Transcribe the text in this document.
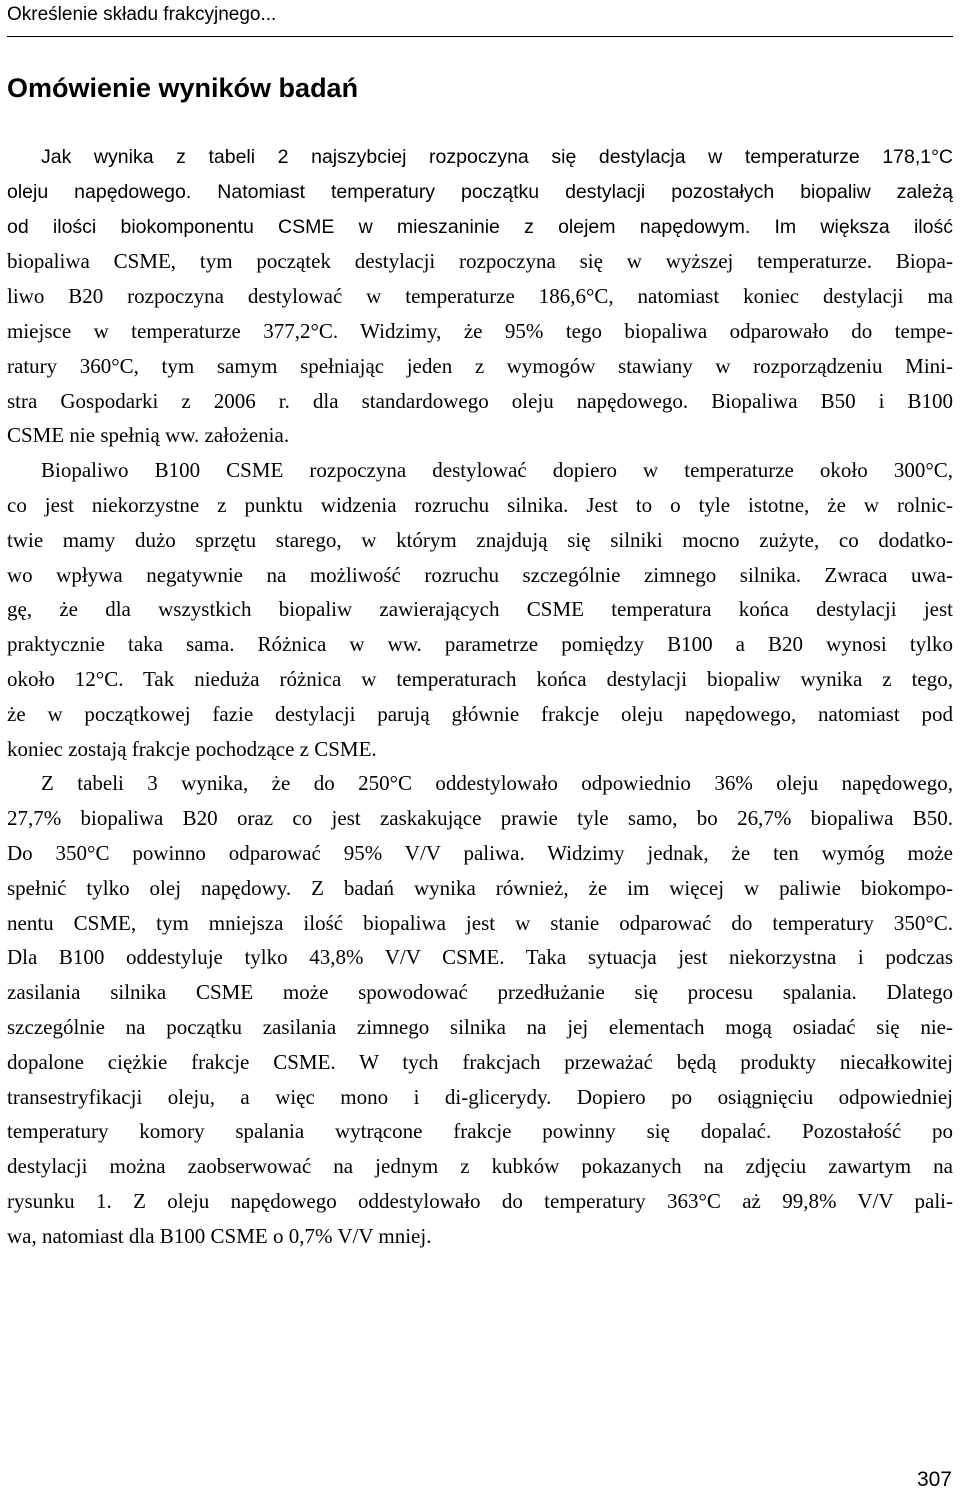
Określenie składu frakcyjnego...
Omówienie wyników badań
Jak wynika z tabeli 2 najszybciej rozpoczyna się destylacja w temperaturze 178,1°C
oleju napędowego. Natomiast temperatury początku destylacji pozostałych biopaliw zależą
od ilości biokomponentu CSME w mieszaninie z olejem napędowym. Im większa ilość
biopaliwa CSME, tym początek destylacji rozpoczyna się w wyższej temperaturze. Biopa-
liwo B20 rozpoczyna destylować w temperaturze 186,6°C, natomiast koniec destylacji ma
miejsce w temperaturze 377,2°C. Widzimy, że 95% tego biopaliwa odparowało do tempe-
ratury 360°C, tym samym spełniając jeden z wymogów stawiany w rozporządzeniu Mini-
stra Gospodarki z 2006 r. dla standardowego oleju napędowego. Biopaliwa B50 i B100
CSME nie spełnią ww. założenia.
Biopaliwo B100 CSME rozpoczyna destylować dopiero w temperaturze około 300°C,
co jest niekorzystne z punktu widzenia rozruchu silnika. Jest to o tyle istotne, że w rolnic-
twie mamy dużo sprzętu starego, w którym znajdują się silniki mocno zużyte, co dodatko-
wo wpływa negatywnie na możliwość rozruchu szczególnie zimnego silnika. Zwraca uwa-
gę, że dla wszystkich biopaliw zawierających CSME temperatura końca destylacji jest
praktycznie taka sama. Różnica w ww. parametrze pomiędzy B100 a B20 wynosi tylko
około 12°C. Tak nieduża różnica w temperaturach końca destylacji biopaliw wynika z tego,
że w początkowej fazie destylacji parują głównie frakcje oleju napędowego, natomiast pod
koniec zostają frakcje pochodzące z CSME.
Z tabeli 3 wynika, że do 250°C oddestylowało odpowiednio 36% oleju napędowego,
27,7% biopaliwa B20 oraz co jest zaskakujące prawie tyle samo, bo 26,7% biopaliwa B50.
Do 350°C powinno odparować 95% V/V paliwa. Widzimy jednak, że ten wymóg może
spełnić tylko olej napędowy. Z badań wynika również, że im więcej w paliwie biokompo-
nentu CSME, tym mniejsza ilość biopaliwa jest w stanie odparować do temperatury 350°C.
Dla B100 oddestyluje tylko 43,8% V/V CSME. Taka sytuacja jest niekorzystna i podczas
zasilania silnika CSME może spowodować przedłużanie się procesu spalania. Dlatego
szczególnie na początku zasilania zimnego silnika na jej elementach mogą osiadać się nie-
dopalone ciężkie frakcje CSME. W tych frakcjach przeważać będą produkty niecałkowitej
transestryfikacji oleju, a więc mono i di-glicerydy. Dopiero po osiągnięciu odpowiedniej
temperatury komory spalania wytrącone frakcje powinny się dopalać. Pozostałość po
destylacji można zaobserwować na jednym z kubków pokazanych na zdjęciu zawartym na
rysunku 1. Z oleju napędowego oddestylowało do temperatury 363°C aż 99,8% V/V pali-
wa, natomiast dla B100 CSME o 0,7% V/V mniej.
307
